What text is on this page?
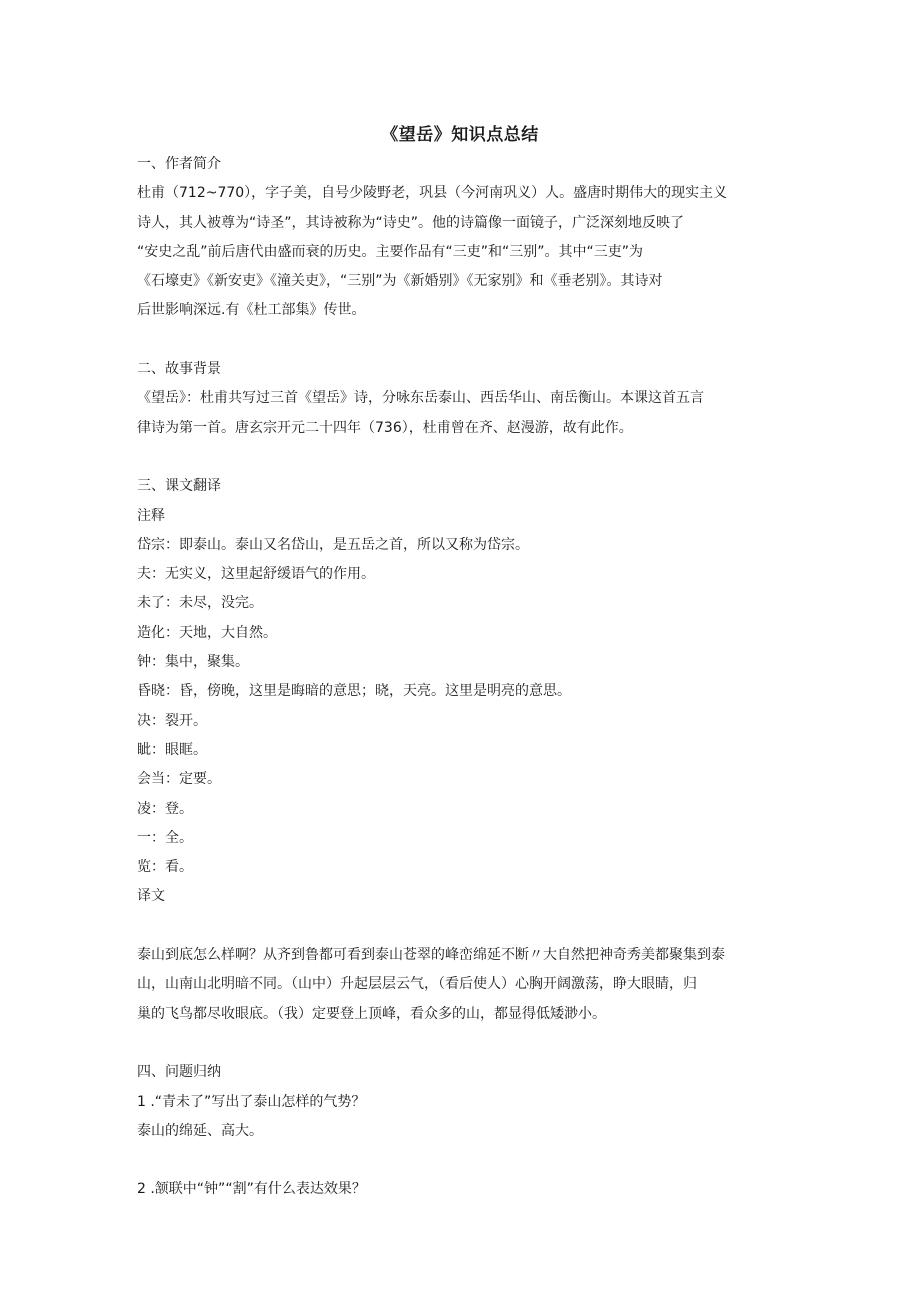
《望岳》知识点总结
一、作者简介
杜甫（712~770），字子美，自号少陵野老，巩县（今河南巩义）人。盛唐时期伟大的现实主义
诗人，其人被尊为“诗圣”，其诗被称为“诗史”。他的诗篇像一面镜子，广泛深刻地反映了
“安史之乱”前后唐代由盛而衰的历史。主要作品有“三吏”和“三别”。其中“三吏”为
《石壕吏》《新安吏》《潼关吏》，“三别”为《新婚别》《无家别》和《垂老别》。其诗对
后世影响深远.有《杜工部集》传世。
二、故事背景
《望岳》：杜甫共写过三首《望岳》诗，分咏东岳泰山、西岳华山、南岳衡山。本课这首五言
律诗为第一首。唐玄宗开元二十四年（736），杜甫曾在齐、赵漫游，故有此作。
三、课文翻译
注释
岱宗：即泰山。泰山又名岱山，是五岳之首，所以又称为岱宗。
夫：无实义，这里起舒缓语气的作用。
未了：未尽，没完。
造化：天地，大自然。
钟：集中，聚集。
昏晓：昏，傍晚，这里是晦暗的意思；晓，天亮。这里是明亮的意思。
决：裂开。
眦：眼眶。
会当：定要。
凌：登。
一：全。
览：看。
译文
泰山到底怎么样啊？从齐到鲁都可看到泰山苍翠的峰峦绵延不断〃大自然把神奇秀美都聚集到泰
山，山南山北明暗不同。（山中）升起层层云气，（看后使人）心胸开阔激荡，睁大眼睛，归
巢的飞鸟都尽收眼底。（我）定要登上顶峰，看众多的山，都显得低矮渺小。
四、问题归纳
1 .“青未了”写出了泰山怎样的气势？
泰山的绵延、高大。
2 .颔联中“钟”“割”有什么表达效果？
